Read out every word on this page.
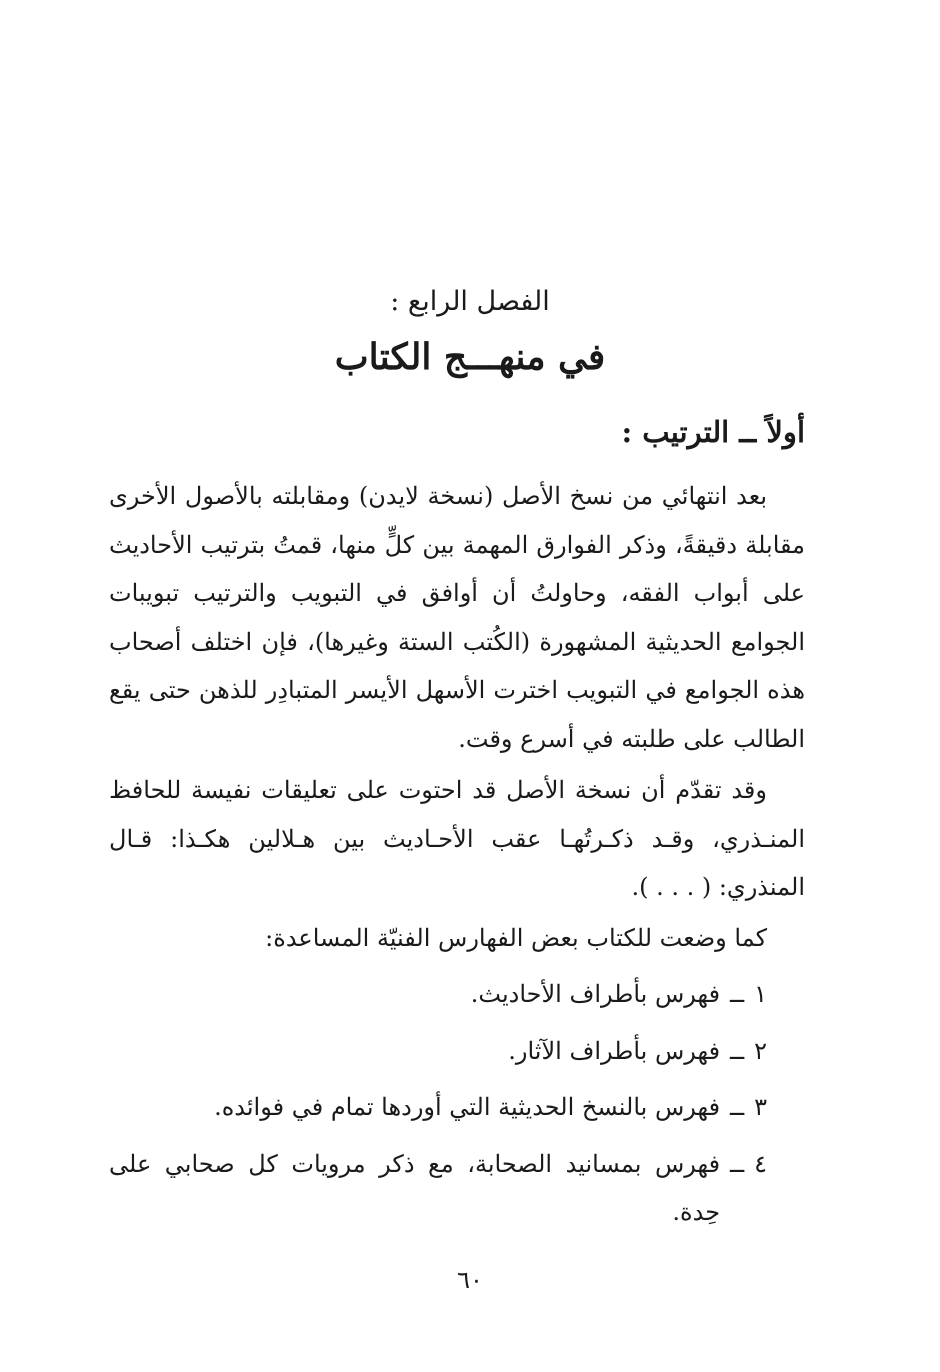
الفصل الرابع :
في منهـــج الكتاب
أولاً ــ الترتيب :
بعد انتهائي من نسخ الأصل (نسخة لايدن) ومقابلته بالأصول الأخرى مقابلة دقيقةً، وذكر الفوارق المهمة بين كلٍّ منها، قمتُ بترتيب الأحاديث على أبواب الفقه، وحاولتُ أن أوافق في التبويب والترتيب تبويبات الجوامع الحديثية المشهورة (الكُتب الستة وغيرها)، فإن اختلف أصحاب هذه الجوامع في التبويب اخترت الأسهل الأيسر المتبادِر للذهن حتى يقع الطالب على طلبته في أسرع وقت.
وقد تقدّم أن نسخة الأصل قد احتوت على تعليقات نفيسة للحافظ المنـذري، وقـد ذكـرتُهـا عقب الأحـاديث بين هـلالين هكـذا: قـال المنذري: ( . . . ).
كما وضعت للكتاب بعض الفهارس الفنيّة المساعدة:
١
ــ
فهرس بأطراف الأحاديث.
٢
ــ
فهرس بأطراف الآثار.
٣
ــ
فهرس بالنسخ الحديثية التي أوردها تمام في فوائده.
٤
ــ
فهرس بمسانيد الصحابة، مع ذكر مرويات كل صحابي على حِدة.
٦٠
